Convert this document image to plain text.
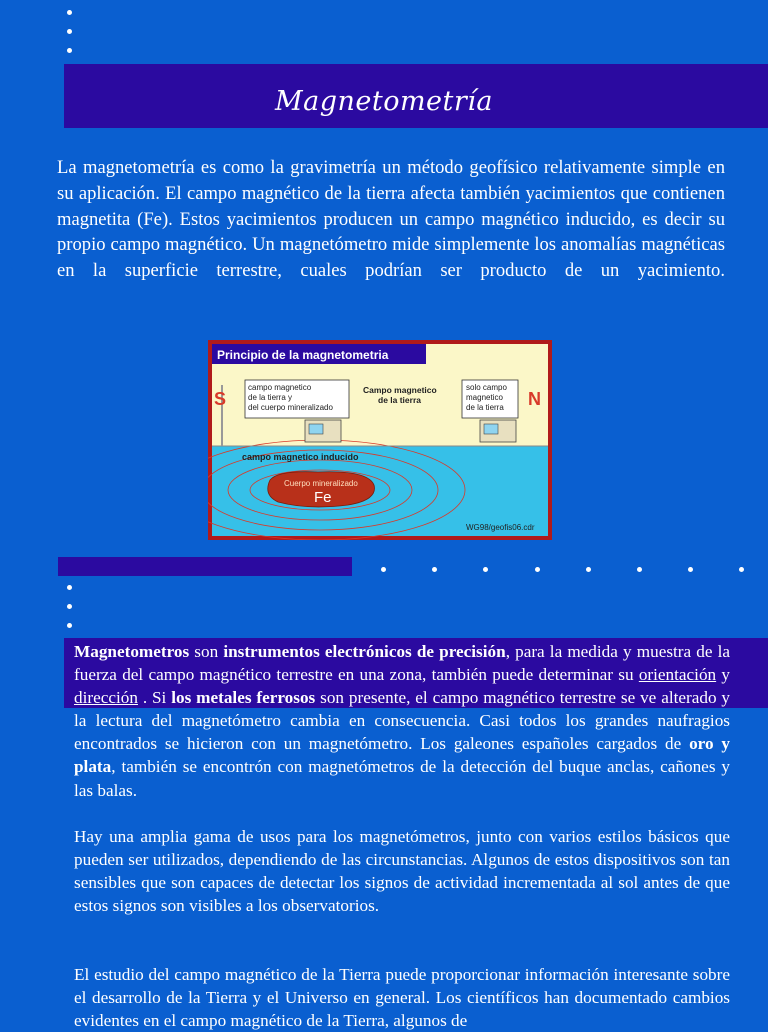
Magnetometría

La magnetometría es como la gravimetría un método geofísico relativamente simple en su aplicación. El campo magnético de la tierra afecta también yacimientos que contienen magnetita (Fe). Estos yacimientos producen un campo magnético inducido, es decir su propio campo magnético. Un magnetómetro mide simplemente los anomalías magnéticas en la superficie terrestre, cuales podrían ser producto de un yacimiento.

Principio de la magnetometria
S	N
campo magnetico
de la tierra y
del cuerpo mineralizado
Campo magnetico
de la tierra
solo campo
magnetico
de la tierra
campo magnetico inducido
Cuerpo mineralizado
Fe
WG98/geofis06.cdr

Magnetometros son instrumentos electrónicos de precisión, para la medida y muestra de la fuerza del campo magnético terrestre en una zona, también puede determinar su orientación y dirección . Si los metales ferrosos son presente, el campo magnético terrestre se ve alterado y la lectura del magnetómetro cambia en consecuencia. Casi todos los grandes naufragios encontrados se hicieron con un magnetómetro. Los galeones españoles cargados de oro y plata, también se encontrón con magnetómetros de la detección del buque anclas, cañones y las balas.

Hay una amplia gama de usos para los magnetómetros, junto con varios estilos básicos que pueden ser utilizados, dependiendo de las circunstancias. Algunos de estos dispositivos son tan sensibles que son capaces de detectar los signos de actividad incrementada al sol antes de que estos signos son visibles a los observatorios.

El estudio del campo magnético de la Tierra puede proporcionar información interesante sobre el desarrollo de la Tierra y el Universo en general. Los científicos han documentado cambios evidentes en el campo magnético de la Tierra, algunos de
